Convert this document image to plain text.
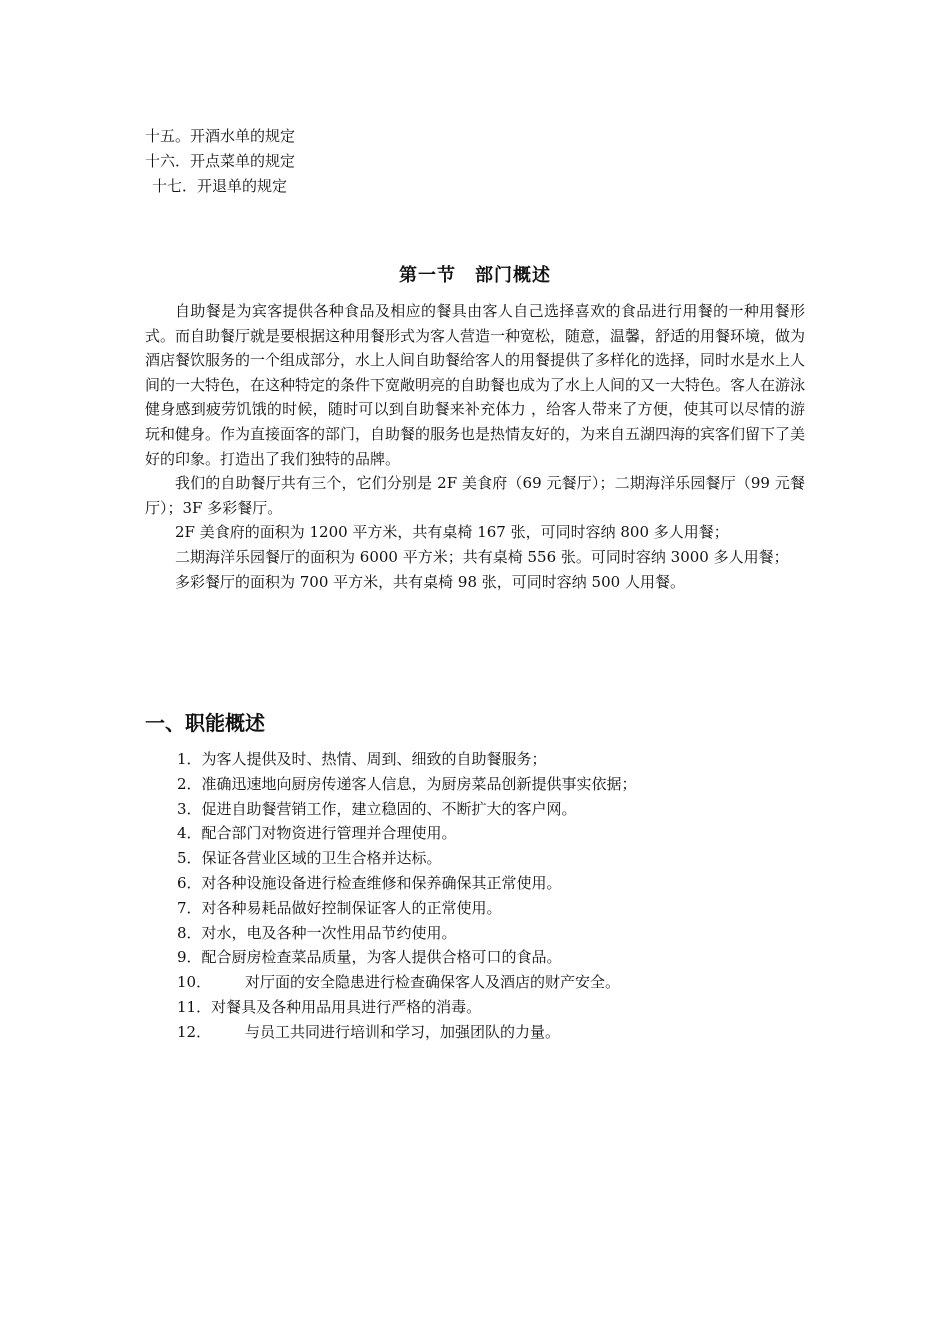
十五。开酒水单的规定
十六．开点菜单的规定
十七．开退单的规定
第一节　部门概述

自助餐是为宾客提供各种食品及相应的餐具由客人自己选择喜欢的食品进行用餐的一种用餐形式。而自助餐厅就是要根据这种用餐形式为客人营造一种宽松，随意，温馨，舒适的用餐环境，做为酒店餐饮服务的一个组成部分，水上人间自助餐给客人的用餐提供了多样化的选择，同时水是水上人间的一大特色，在这种特定的条件下宽敞明亮的自助餐也成为了水上人间的又一大特色。客人在游泳健身感到疲劳饥饿的时候，随时可以到自助餐来补充体力 ，给客人带来了方便，使其可以尽情的游玩和健身。作为直接面客的部门，自助餐的服务也是热情友好的，为来自五湖四海的宾客们留下了美好的印象。打造出了我们独特的品牌。

我们的自助餐厅共有三个，它们分别是 2F 美食府（69 元餐厅）；二期海洋乐园餐厅（99 元餐厅）；3F 多彩餐厅。

2F 美食府的面积为 1200 平方米，共有桌椅 167 张，可同时容纳 800 多人用餐；

二期海洋乐园餐厅的面积为 6000 平方米；共有桌椅 556 张。可同时容纳 3000 多人用餐；

多彩餐厅的面积为 700 平方米，共有桌椅 98 张，可同时容纳 500 人用餐。

一、职能概述
1．为客人提供及时、热情、周到、细致的自助餐服务；
2．准确迅速地向厨房传递客人信息，为厨房菜品创新提供事实依据；
3．促进自助餐营销工作，建立稳固的、不断扩大的客户网。
4．配合部门对物资进行管理并合理使用。
5．保证各营业区域的卫生合格并达标。
6．对各种设施设备进行检查维修和保养确保其正常使用。
7．对各种易耗品做好控制保证客人的正常使用。
8．对水，电及各种一次性用品节约使用。
9．配合厨房检查菜品质量，为客人提供合格可口的食品。
10． 对厅面的安全隐患进行检查确保客人及酒店的财产安全。
11．对餐具及各种用品用具进行严格的消毒。
12． 与员工共同进行培训和学习，加强团队的力量。
